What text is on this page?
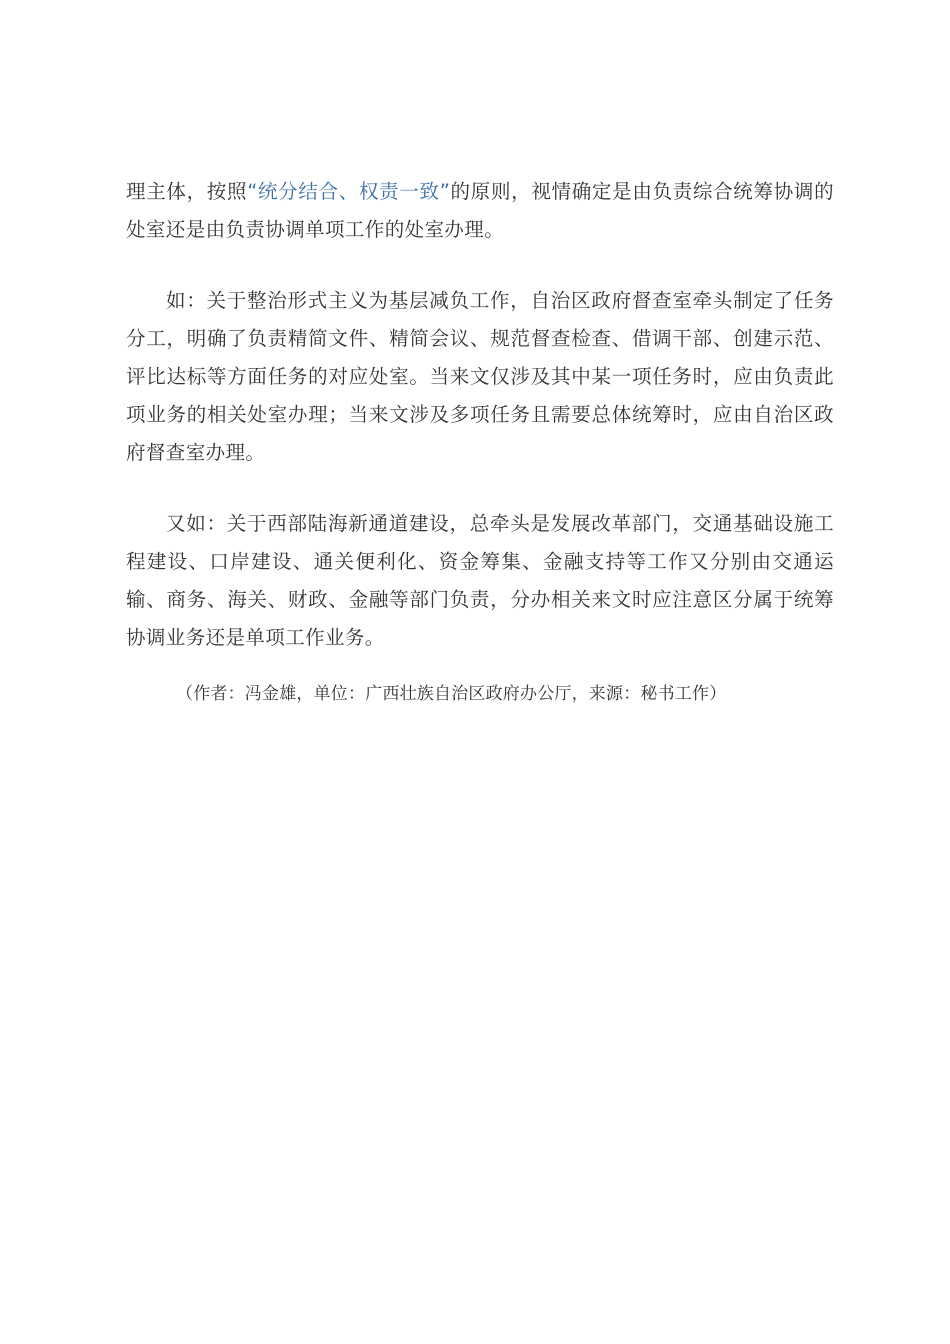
理主体，按照“统分结合、权责一致”的原则，视情确定是由负责综合统筹协调的处室还是由负责协调单项工作的处室办理。

如：关于整治形式主义为基层减负工作，自治区政府督查室牵头制定了任务分工，明确了负责精简文件、精简会议、规范督查检查、借调干部、创建示范、评比达标等方面任务的对应处室。当来文仅涉及其中某一项任务时，应由负责此项业务的相关处室办理；当来文涉及多项任务且需要总体统筹时，应由自治区政府督查室办理。

又如：关于西部陆海新通道建设，总牵头是发展改革部门，交通基础设施工程建设、口岸建设、通关便利化、资金筹集、金融支持等工作又分别由交通运输、商务、海关、财政、金融等部门负责，分办相关来文时应注意区分属于统筹协调业务还是单项工作业务。

（作者：冯金雄，单位：广西壮族自治区政府办公厅，来源：秘书工作）
